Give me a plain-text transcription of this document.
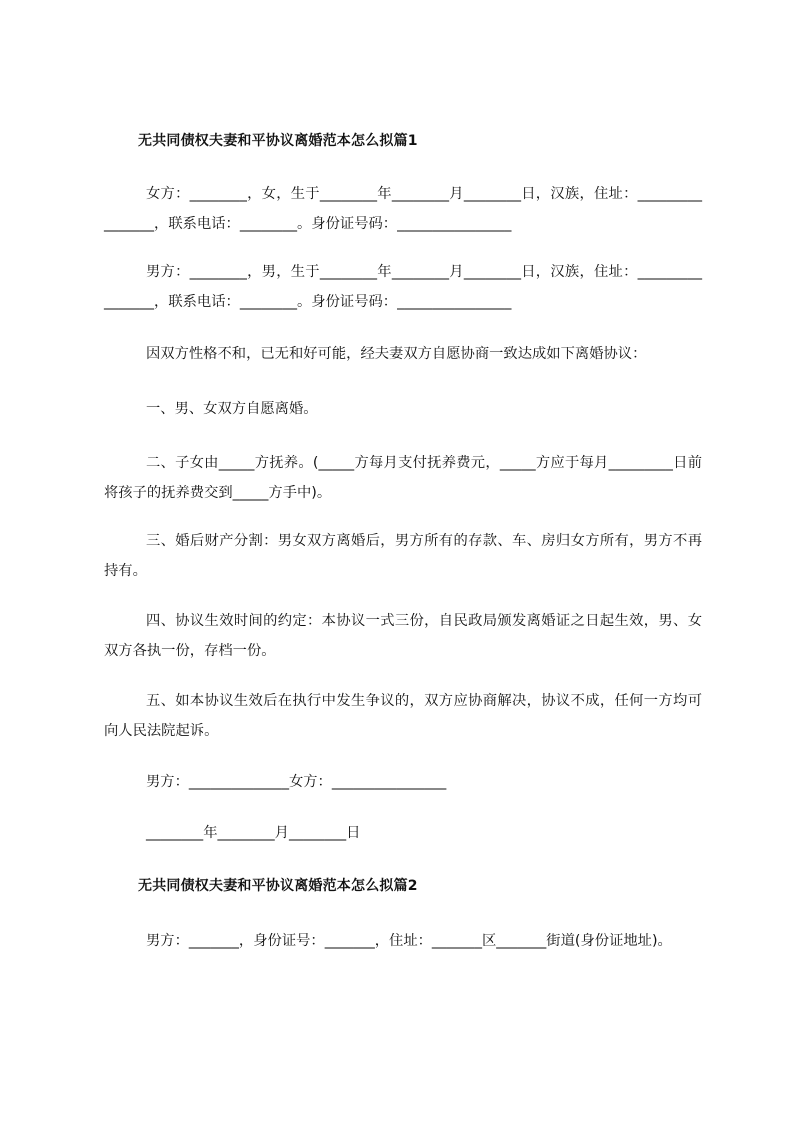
无共同债权夫妻和平协议离婚范本怎么拟篇1
女方：________，女，生于________年________月________日，汉族，住址：________________，联系电话：________。身份证号码：________________
男方：________，男，生于________年________月________日，汉族，住址：________________，联系电话：________。身份证号码：________________
因双方性格不和，已无和好可能，经夫妻双方自愿协商一致达成如下离婚协议：
一、男、女双方自愿离婚。
二、子女由_____方抚养。(_____方每月支付抚养费元，_____方应于每月_________日前将孩子的抚养费交到_____方手中)。
三、婚后财产分割：男女双方离婚后，男方所有的存款、车、房归女方所有，男方不再持有。
四、协议生效时间的约定：本协议一式三份，自民政局颁发离婚证之日起生效，男、女双方各执一份，存档一份。
五、如本协议生效后在执行中发生争议的，双方应协商解决，协议不成，任何一方均可向人民法院起诉。
男方：______________女方：________________
________年________月________日
无共同债权夫妻和平协议离婚范本怎么拟篇2
男方：_______，身份证号：_______，住址：_______区_______街道(身份证地址)。
